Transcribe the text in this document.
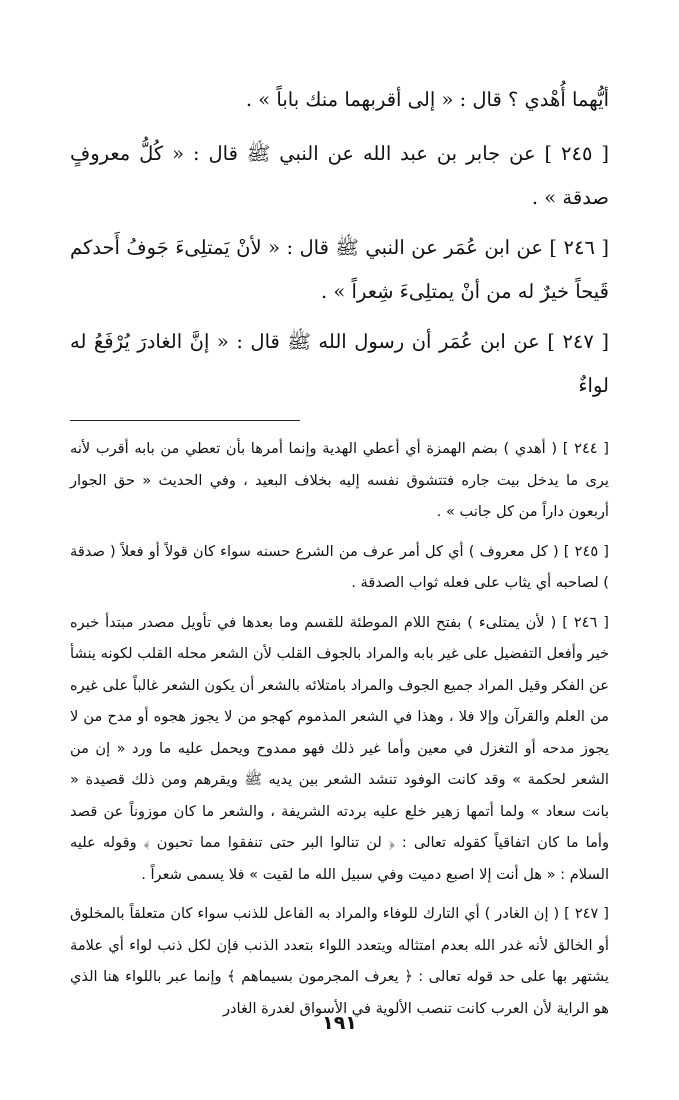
أيُّهما أُهْدي ؟ قال : « إلى أقربهما منك باباً » .

[ ٢٤٥ ] عن جابر بن عبد الله عن النبي ﷺ قال : « كُلُّ معروفٍ صدقة » .

[ ٢٤٦ ] عن ابن عُمَر عن النبي ﷺ قال : « لأنْ يَمتلِىءَ جَوفُ أَحدكم قَيحاً خيرٌ له من أنْ يمتلِىءَ شِعراً » .

[ ٢٤٧ ] عن ابن عُمَر أن رسول الله ﷺ قال : « إنَّ الغادرَ يُرْفَعُ له لواءٌ

[ ٢٤٤ ] ( أهدي ) بضم الهمزة أي أعطي الهدية وإنما أمرها بأن تعطي من بابه أقرب لأنه يرى ما يدخل بيت جاره فتتشوق نفسه إليه بخلاف البعيد ، وفي الحديث « حق الجوار أربعون داراً من كل جانب » .

[ ٢٤٥ ] ( كل معروف ) أي كل أمر عرف من الشرع حسنه سواء كان قولاً أو فعلاً ( صدقة ) لصاحبه أي يثاب على فعله ثواب الصدقة .

[ ٢٤٦ ] ( لأن يمتلىء ) بفتح اللام الموطئة للقسم وما بعدها في تأويل مصدر مبتدأ خبره خير وأفعل التفضيل على غير بابه والمراد بالجوف القلب لأن الشعر محله القلب لكونه ينشأ عن الفكر وقيل المراد جميع الجوف والمراد بامتلائه بالشعر أن يكون الشعر غالباً على غيره من العلم والقرآن وإلا فلا ، وهذا في الشعر المذموم كهجو من لا يجوز هجوه أو مدح من لا يجوز مدحه أو التغزل في معين وأما غير ذلك فهو ممدوح ويحمل عليه ما ورد « إن من الشعر لحكمة » وقد كانت الوفود تنشد الشعر بين يديه ﷺ ويقرهم ومن ذلك قصيدة « بانت سعاد » ولما أتمها زهير خلع عليه بردته الشريفة ، والشعر ما كان موزوناً عن قصد وأما ما كان اتفاقياً كقوله تعالى : ﴿ لن تنالوا البر حتى تنفقوا مما تحبون ﴾ وقوله عليه السلام : « هل أنت إلا اصبع دميت وفي سبيل الله ما لقيت » فلا يسمى شعراً .

[ ٢٤٧ ] ( إن الغادر ) أي التارك للوفاء والمراد به الفاعل للذنب سواء كان متعلقاً بالمخلوق أو الخالق لأنه غدر الله بعدم امتثاله ويتعدد اللواء بتعدد الذنب فإن لكل ذنب لواء أي علامة يشتهر بها على حد قوله تعالى : ﴿ يعرف المجرمون بسيماهم ﴾ وإنما عبر باللواء هنا الذي هو الراية لأن العرب كانت تنصب الألوية في الأسواق لغدرة الغادر

١٩١
